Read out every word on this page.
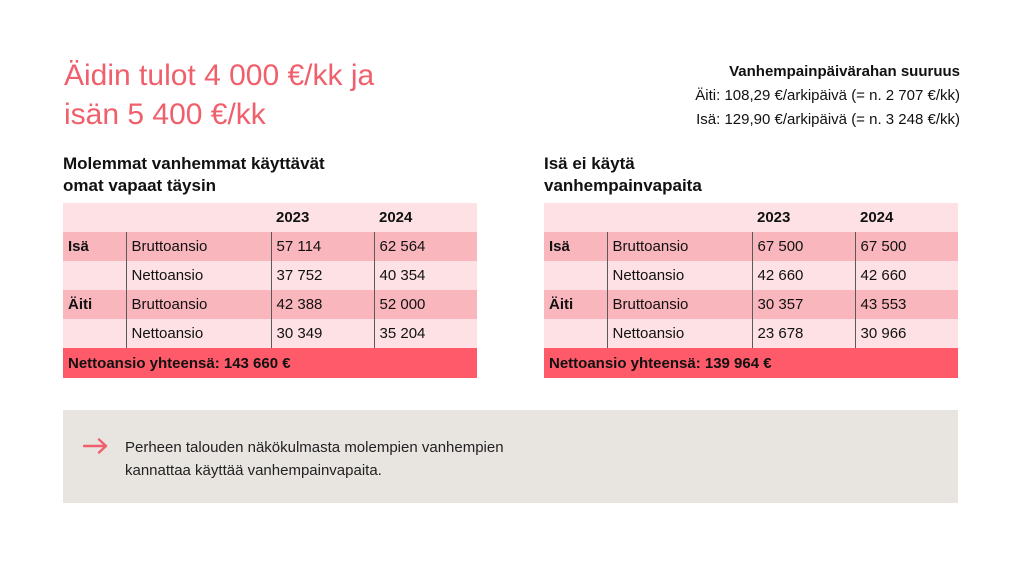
Äidin tulot 4 000 €/kk ja
isän 5 400 €/kk
Vanhempainpäivärahan suuruus
Äiti: 108,29 €/arkipäivä (= n. 2 707 €/kk)
Isä: 129,90 €/arkipäivä (= n. 3 248 €/kk)
Molemmat vanhemmat käyttävät
omat vapaat täysin
		2023	2024
Isä	Bruttoansio	57 114	62 564
	Nettoansio	37 752	40 354
Äiti	Bruttoansio	42 388	52 000
	Nettoansio	30 349	35 204
Nettoansio yhteensä: 143 660 €			
Isä ei käytä
vanhempainvapaita
		2023	2024
Isä	Bruttoansio	67 500	67 500
	Nettoansio	42 660	42 660
Äiti	Bruttoansio	30 357	43 553
	Nettoansio	23 678	30 966
Nettoansio yhteensä: 139 964 €			
Perheen talouden näkökulmasta molempien vanhempien
kannattaa käyttää vanhempainvapaita.
